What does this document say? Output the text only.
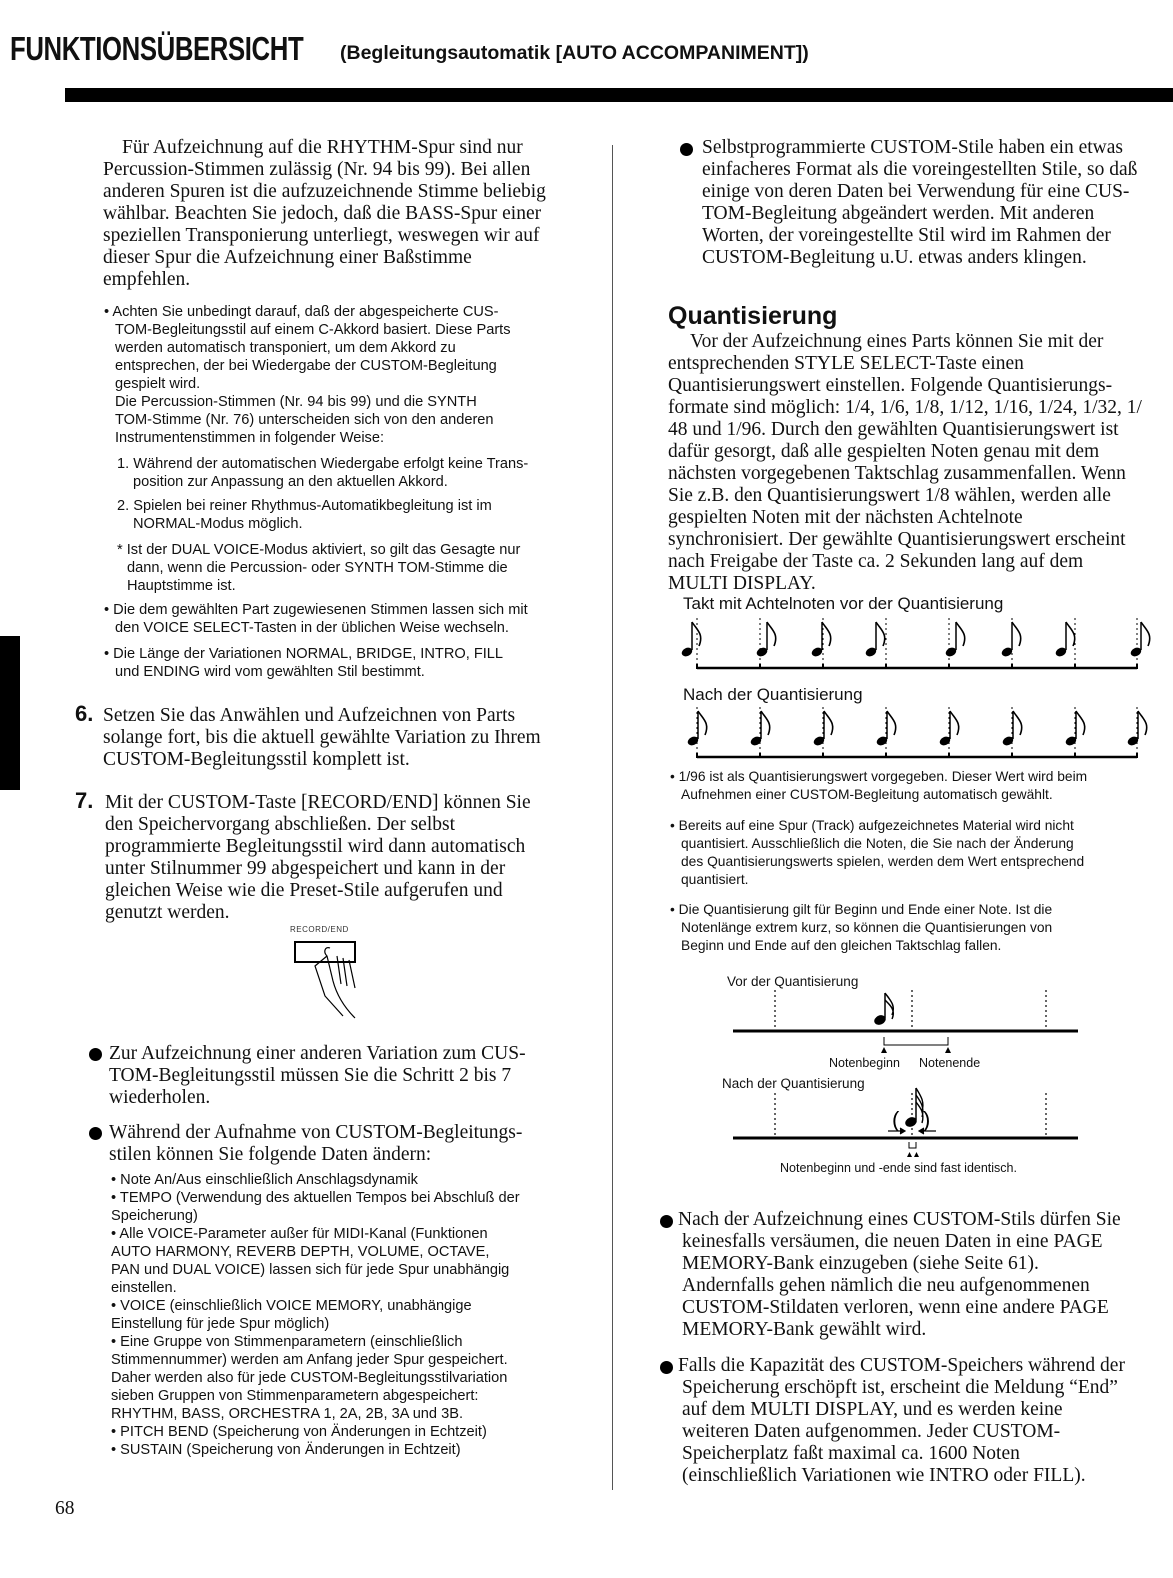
FUNKTIONSÜBERSICHT (Begleitungsautomatik [AUTO ACCOMPANIMENT])
Für Aufzeichnung auf die RHYTHM-Spur sind nur
Percussion-Stimmen zulässig (Nr. 94 bis 99). Bei allen
anderen Spuren ist die aufzuzeichnende Stimme beliebig
wählbar. Beachten Sie jedoch, daß die BASS-Spur einer
speziellen Transponierung unterliegt, weswegen wir auf
dieser Spur die Aufzeichnung einer Baßstimme
empfehlen.
• Achten Sie unbedingt darauf, daß der abgespeicherte CUS-
TOM-Begleitungsstil auf einem C-Akkord basiert. Diese Parts
werden automatisch transponiert, um dem Akkord zu
entsprechen, der bei Wiedergabe der CUSTOM-Begleitung
gespielt wird.
Die Percussion-Stimmen (Nr. 94 bis 99) und die SYNTH
TOM-Stimme (Nr. 76) unterscheiden sich von den anderen
Instrumentenstimmen in folgender Weise:
1. Während der automatischen Wiedergabe erfolgt keine Trans-
position zur Anpassung an den aktuellen Akkord.
2. Spielen bei reiner Rhythmus-Automatikbegleitung ist im
NORMAL-Modus möglich.
* Ist der DUAL VOICE-Modus aktiviert, so gilt das Gesagte nur
dann, wenn die Percussion- oder SYNTH TOM-Stimme die
Hauptstimme ist.
• Die dem gewählten Part zugewiesenen Stimmen lassen sich mit
den VOICE SELECT-Tasten in der üblichen Weise wechseln.
• Die Länge der Variationen NORMAL, BRIDGE, INTRO, FILL
und ENDING wird vom gewählten Stil bestimmt.
6. Setzen Sie das Anwählen und Aufzeichnen von Parts
solange fort, bis die aktuell gewählte Variation zu Ihrem
CUSTOM-Begleitungsstil komplett ist.
7. Mit der CUSTOM-Taste [RECORD/END] können Sie
den Speichervorgang abschließen. Der selbst
programmierte Begleitungsstil wird dann automatisch
unter Stilnummer 99 abgespeichert und kann in der
gleichen Weise wie die Preset-Stile aufgerufen und
genutzt werden.
RECORD/END
Zur Aufzeichnung einer anderen Variation zum CUS-
TOM-Begleitungsstil müssen Sie die Schritt 2 bis 7
wiederholen.
Während der Aufnahme von CUSTOM-Begleitungs-
stilen können Sie folgende Daten ändern:
• Note An/Aus einschließlich Anschlagsdynamik
• TEMPO (Verwendung des aktuellen Tempos bei Abschluß der
Speicherung)
• Alle VOICE-Parameter außer für MIDI-Kanal (Funktionen
AUTO HARMONY, REVERB DEPTH, VOLUME, OCTAVE,
PAN und DUAL VOICE) lassen sich für jede Spur unabhängig
einstellen.
• VOICE (einschließlich VOICE MEMORY, unabhängige
Einstellung für jede Spur möglich)
• Eine Gruppe von Stimmenparametern (einschließlich
Stimmennummer) werden am Anfang jeder Spur gespeichert.
Daher werden also für jede CUSTOM-Begleitungsstilvariation
sieben Gruppen von Stimmenparametern abgespeichert:
RHYTHM, BASS, ORCHESTRA 1, 2A, 2B, 3A und 3B.
• PITCH BEND (Speicherung von Änderungen in Echtzeit)
• SUSTAIN (Speicherung von Änderungen in Echtzeit)
68
Selbstprogrammierte CUSTOM-Stile haben ein etwas
einfacheres Format als die voreingestellten Stile, so daß
einige von deren Daten bei Verwendung für eine CUS-
TOM-Begleitung abgeändert werden. Mit anderen
Worten, der voreingestellte Stil wird im Rahmen der
CUSTOM-Begleitung u.U. etwas anders klingen.
Quantisierung
Vor der Aufzeichnung eines Parts können Sie mit der
entsprechenden STYLE SELECT-Taste einen
Quantisierungswert einstellen. Folgende Quantisierungs-
formate sind möglich: 1/4, 1/6, 1/8, 1/12, 1/16, 1/24, 1/32, 1/
48 und 1/96. Durch den gewählten Quantisierungswert ist
dafür gesorgt, daß alle gespielten Noten genau mit dem
nächsten vorgegebenen Taktschlag zusammenfallen. Wenn
Sie z.B. den Quantisierungswert 1/8 wählen, werden alle
gespielten Noten mit der nächsten Achtelnote
synchronisiert. Der gewählte Quantisierungswert erscheint
nach Freigabe der Taste ca. 2 Sekunden lang auf dem
MULTI DISPLAY.
Takt mit Achtelnoten vor der Quantisierung
Nach der Quantisierung
• 1/96 ist als Quantisierungswert vorgegeben. Dieser Wert wird beim
Aufnehmen einer CUSTOM-Begleitung automatisch gewählt.
• Bereits auf eine Spur (Track) aufgezeichnetes Material wird nicht
quantisiert. Ausschließlich die Noten, die Sie nach der Änderung
des Quantisierungswerts spielen, werden dem Wert entsprechend
quantisiert.
• Die Quantisierung gilt für Beginn und Ende einer Note. Ist die
Notenlänge extrem kurz, so können die Quantisierungen von
Beginn und Ende auf den gleichen Taktschlag fallen.
Vor der Quantisierung
Notenbeginn Notenende
Nach der Quantisierung
Notenbeginn und -ende sind fast identisch.
( )
Nach der Aufzeichnung eines CUSTOM-Stils dürfen Sie
keinesfalls versäumen, die neuen Daten in eine PAGE
MEMORY-Bank einzugeben (siehe Seite 61).
Andernfalls gehen nämlich die neu aufgenommenen
CUSTOM-Stildaten verloren, wenn eine andere PAGE
MEMORY-Bank gewählt wird.
Falls die Kapazität des CUSTOM-Speichers während der
Speicherung erschöpft ist, erscheint die Meldung “End”
auf dem MULTI DISPLAY, und es werden keine
weiteren Daten aufgenommen. Jeder CUSTOM-
Speicherplatz faßt maximal ca. 1600 Noten
(einschließlich Variationen wie INTRO oder FILL).
